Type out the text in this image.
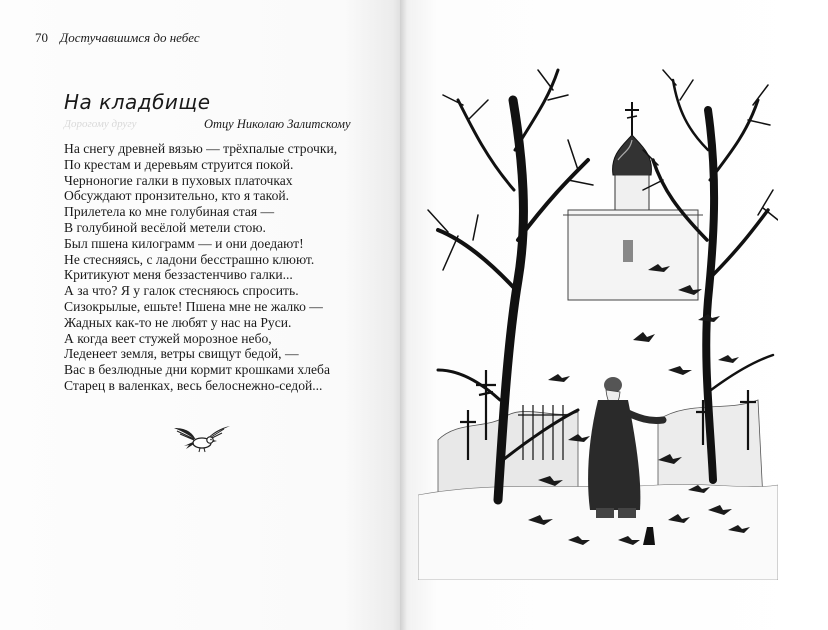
70 Достучавшимся до небес
На кладбище
Дорогому другу	Отцу Николаю Залитскому
На снегу древней вязью — трёхпалые строчки,
По крестам и деревьям струится покой.
Черноногие галки в пуховых платочках
Обсуждают пронзительно, кто я такой.
Прилетела ко мне голубиная стая —
В голубиной весёлой метели стою.
Был пшена килограмм — и они доедают!
Не стесняясь, с ладони бесстрашно клюют.
Критикуют меня беззастенчиво галки...
А за что? Я у галок стесняюсь спросить.
Сизокрылые, ешьте! Пшена мне не жалко —
Жадных как-то не любят у нас на Руси.
А когда веет стужей морозное небо,
Леденеет земля, ветры свищут бедой, —
Вас в безлюдные дни кормит крошками хлеба
Старец в валенках, весь белоснежно-седой...
